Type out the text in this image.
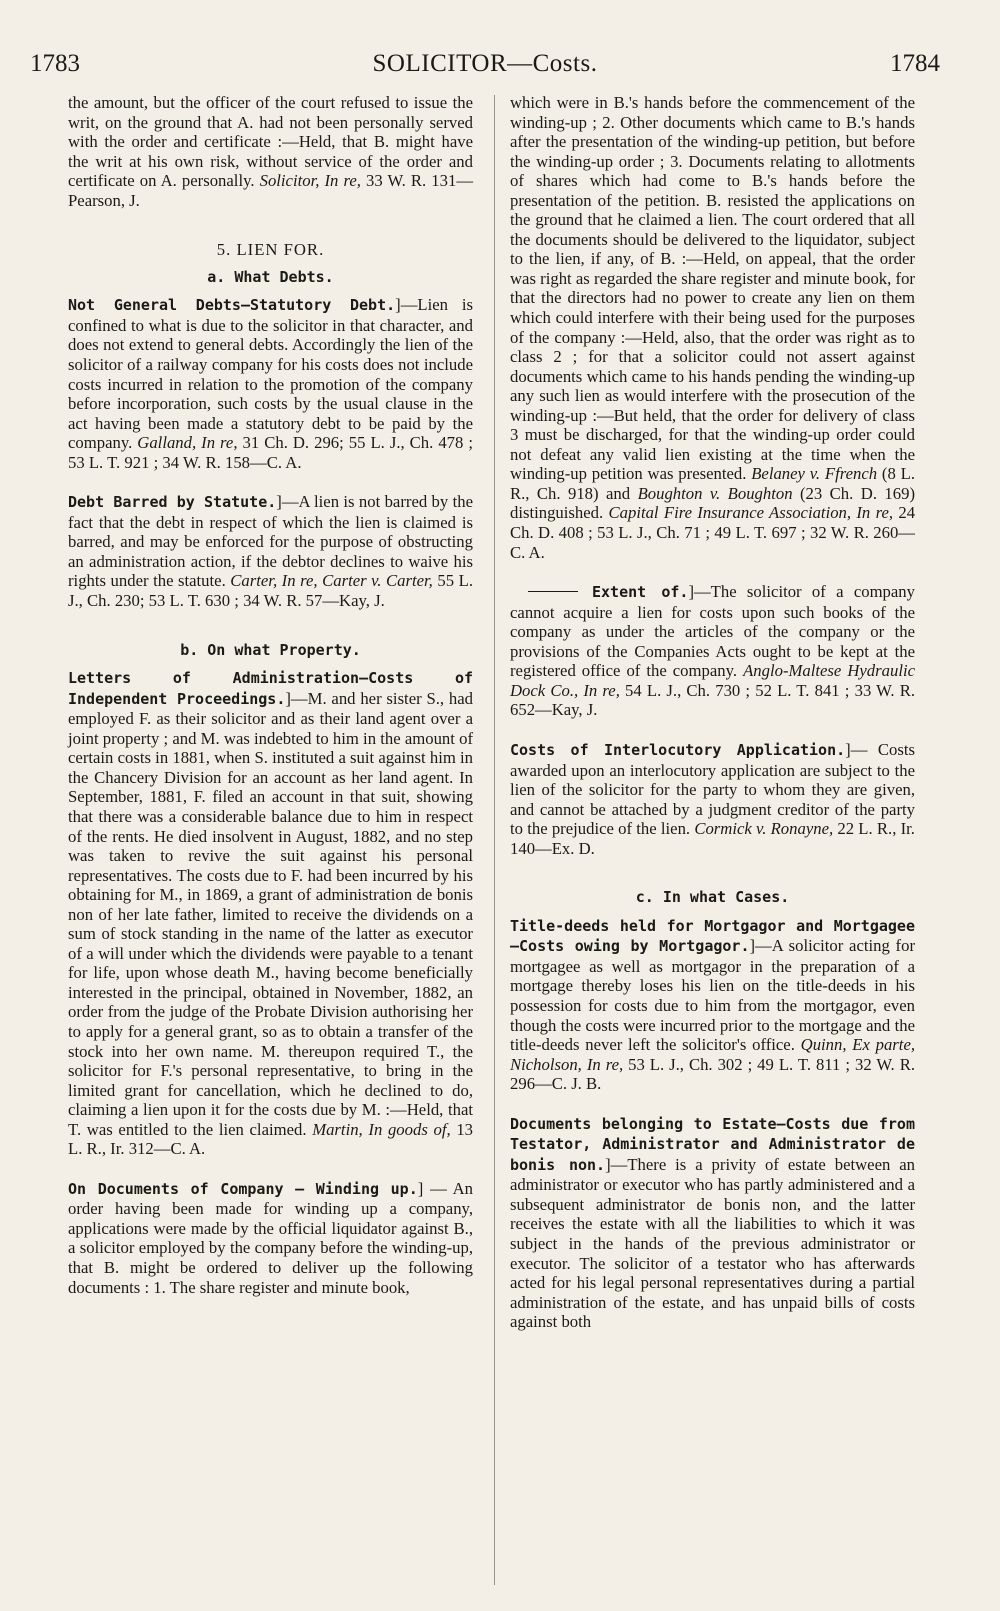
SOLICITOR—Costs.
1783	1784

the amount, but the officer of the court refused to issue the writ, on the ground that A. had not been personally served with the order and certificate :—Held, that B. might have the writ at his own risk, without service of the order and certificate on A. personally. Solicitor, In re, 33 W. R. 131—Pearson, J.

5. LIEN FOR.

a. What Debts.

Not General Debts—Statutory Debt.]—Lien is confined to what is due to the solicitor in that character, and does not extend to general debts. Accordingly the lien of the solicitor of a railway company for his costs does not include costs incurred in relation to the promotion of the company before incorporation, such costs by the usual clause in the act having been made a statutory debt to be paid by the company. Galland, In re, 31 Ch. D. 296; 55 L. J., Ch. 478 ; 53 L. T. 921 ; 34 W. R. 158—C. A.

Debt Barred by Statute.]—A lien is not barred by the fact that the debt in respect of which the lien is claimed is barred, and may be enforced for the purpose of obstructing an administration action, if the debtor declines to waive his rights under the statute. Carter, In re, Carter v. Carter, 55 L. J., Ch. 230; 53 L. T. 630 ; 34 W. R. 57—Kay, J.

b. On what Property.

Letters of Administration—Costs of Independent Proceedings.]—M. and her sister S., had employed F. as their solicitor and as their land agent over a joint property ; and M. was indebted to him in the amount of certain costs in 1881, when S. instituted a suit against him in the Chancery Division for an account as her land agent. In September, 1881, F. filed an account in that suit, showing that there was a considerable balance due to him in respect of the rents. He died insolvent in August, 1882, and no step was taken to revive the suit against his personal representatives. The costs due to F. had been incurred by his obtaining for M., in 1869, a grant of administration de bonis non of her late father, limited to receive the dividends on a sum of stock standing in the name of the latter as executor of a will under which the dividends were payable to a tenant for life, upon whose death M., having become beneficially interested in the principal, obtained in November, 1882, an order from the judge of the Probate Division authorising her to apply for a general grant, so as to obtain a transfer of the stock into her own name. M. thereupon required T., the solicitor for F.'s personal representative, to bring in the limited grant for cancellation, which he declined to do, claiming a lien upon it for the costs due by M. :—Held, that T. was entitled to the lien claimed. Martin, In goods of, 13 L. R., Ir. 312—C. A.

On Documents of Company — Winding up.] — An order having been made for winding up a company, applications were made by the official liquidator against B., a solicitor employed by the company before the winding-up, that B. might be ordered to deliver up the following documents : 1. The share register and minute book,

which were in B.'s hands before the commencement of the winding-up ; 2. Other documents which came to B.'s hands after the presentation of the winding-up petition, but before the winding-up order ; 3. Documents relating to allotments of shares which had come to B.'s hands before the presentation of the petition. B. resisted the applications on the ground that he claimed a lien. The court ordered that all the documents should be delivered to the liquidator, subject to the lien, if any, of B. :—Held, on appeal, that the order was right as regarded the share register and minute book, for that the directors had no power to create any lien on them which could interfere with their being used for the purposes of the company :—Held, also, that the order was right as to class 2 ; for that a solicitor could not assert against documents which came to his hands pending the winding-up any such lien as would interfere with the prosecution of the winding-up :—But held, that the order for delivery of class 3 must be discharged, for that the winding-up order could not defeat any valid lien existing at the time when the winding-up petition was presented. Belaney v. Ffrench (8 L. R., Ch. 918) and Boughton v. Boughton (23 Ch. D. 169) distinguished. Capital Fire Insurance Association, In re, 24 Ch. D. 408 ; 53 L. J., Ch. 71 ; 49 L. T. 697 ; 32 W. R. 260—C. A.

Extent of.]—The solicitor of a company cannot acquire a lien for costs upon such books of the company as under the articles of the company or the provisions of the Companies Acts ought to be kept at the registered office of the company. Anglo-Maltese Hydraulic Dock Co., In re, 54 L. J., Ch. 730 ; 52 L. T. 841 ; 33 W. R. 652—Kay, J.

Costs of Interlocutory Application.]— Costs awarded upon an interlocutory application are subject to the lien of the solicitor for the party to whom they are given, and cannot be attached by a judgment creditor of the party to the prejudice of the lien. Cormick v. Ronayne, 22 L. R., Ir. 140—Ex. D.

c. In what Cases.

Title-deeds held for Mortgagor and Mortgagee —Costs owing by Mortgagor.]—A solicitor acting for mortgagee as well as mortgagor in the preparation of a mortgage thereby loses his lien on the title-deeds in his possession for costs due to him from the mortgagor, even though the costs were incurred prior to the mortgage and the title-deeds never left the solicitor's office. Quinn, Ex parte, Nicholson, In re, 53 L. J., Ch. 302 ; 49 L. T. 811 ; 32 W. R. 296—C. J. B.

Documents belonging to Estate—Costs due from Testator, Administrator and Administrator de bonis non.]—There is a privity of estate between an administrator or executor who has partly administered and a subsequent administrator de bonis non, and the latter receives the estate with all the liabilities to which it was subject in the hands of the previous administrator or executor. The solicitor of a testator who has afterwards acted for his legal personal representatives during a partial administration of the estate, and has unpaid bills of costs against both
